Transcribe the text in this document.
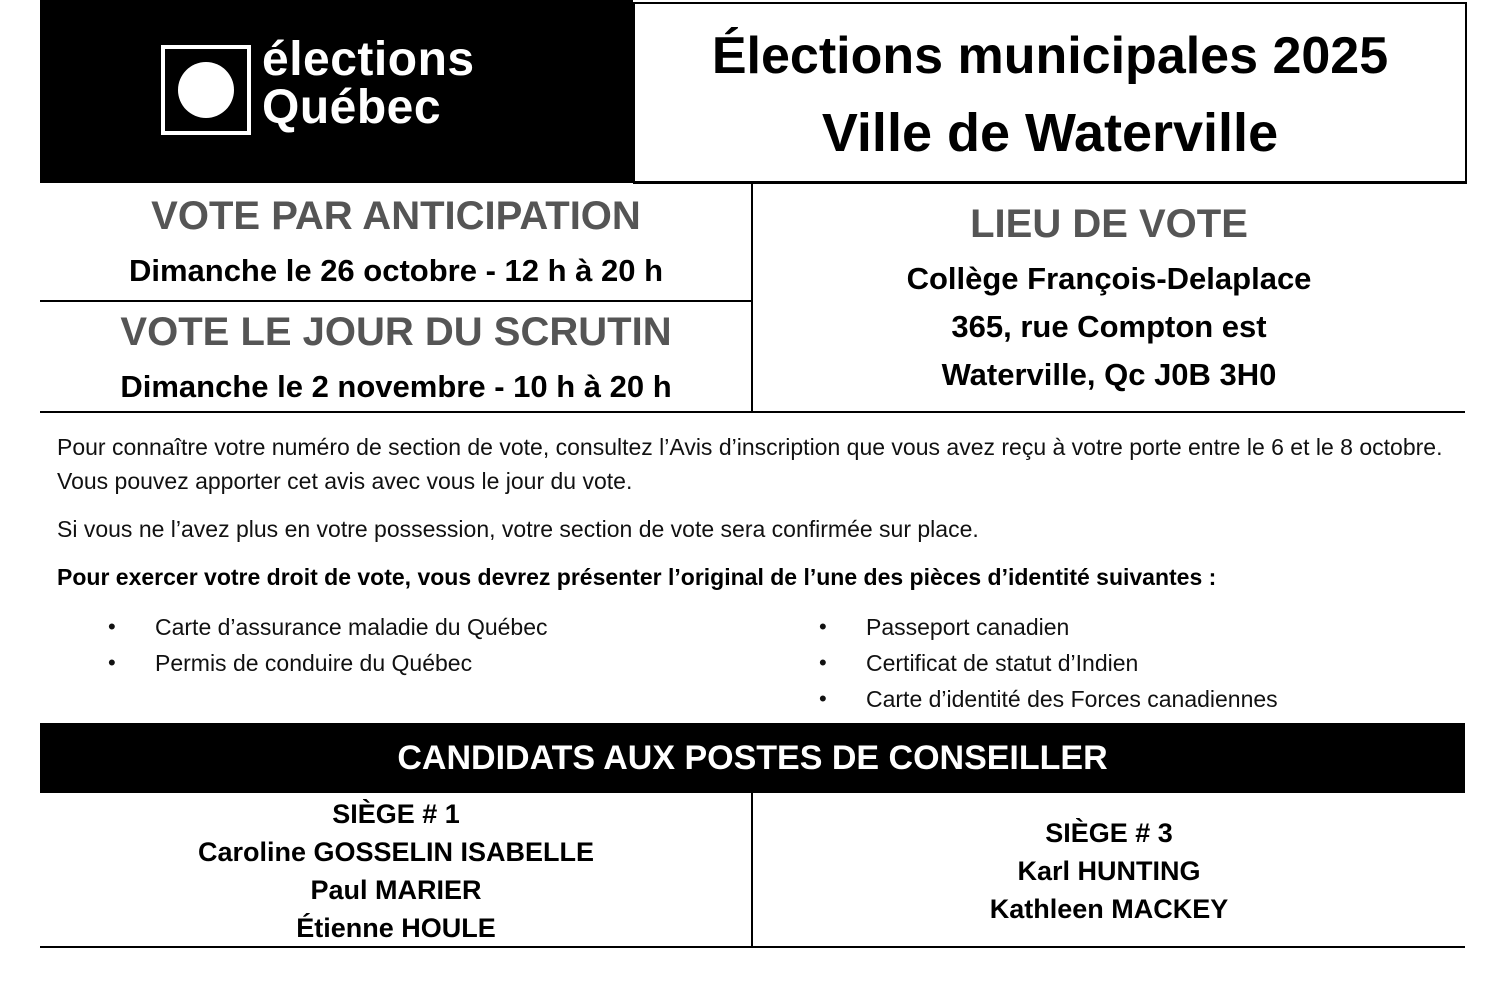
élections
Québec
Élections municipales 2025
Ville de Waterville
VOTE PAR ANTICIPATION
Dimanche le 26 octobre - 12 h à 20 h
VOTE LE JOUR DU SCRUTIN
Dimanche le 2 novembre - 10 h à 20 h
LIEU DE VOTE
Collège François-Delaplace
365, rue Compton est
Waterville, Qc J0B 3H0
Pour connaître votre numéro de section de vote, consultez l’Avis d’inscription que vous avez reçu à votre porte entre le 6 et le 8 octobre. Vous pouvez apporter cet avis avec vous le jour du vote.
Si vous ne l’avez plus en votre possession, votre section de vote sera confirmée sur place.
Pour exercer votre droit de vote, vous devrez présenter l’original de l’une des pièces d’identité suivantes :
• Carte d’assurance maladie du Québec
• Permis de conduire du Québec
• Passeport canadien
• Certificat de statut d’Indien
• Carte d’identité des Forces canadiennes
CANDIDATS AUX POSTES DE CONSEILLER
SIÈGE # 1
Caroline GOSSELIN ISABELLE
Paul MARIER
Étienne HOULE
SIÈGE # 3
Karl HUNTING
Kathleen MACKEY
